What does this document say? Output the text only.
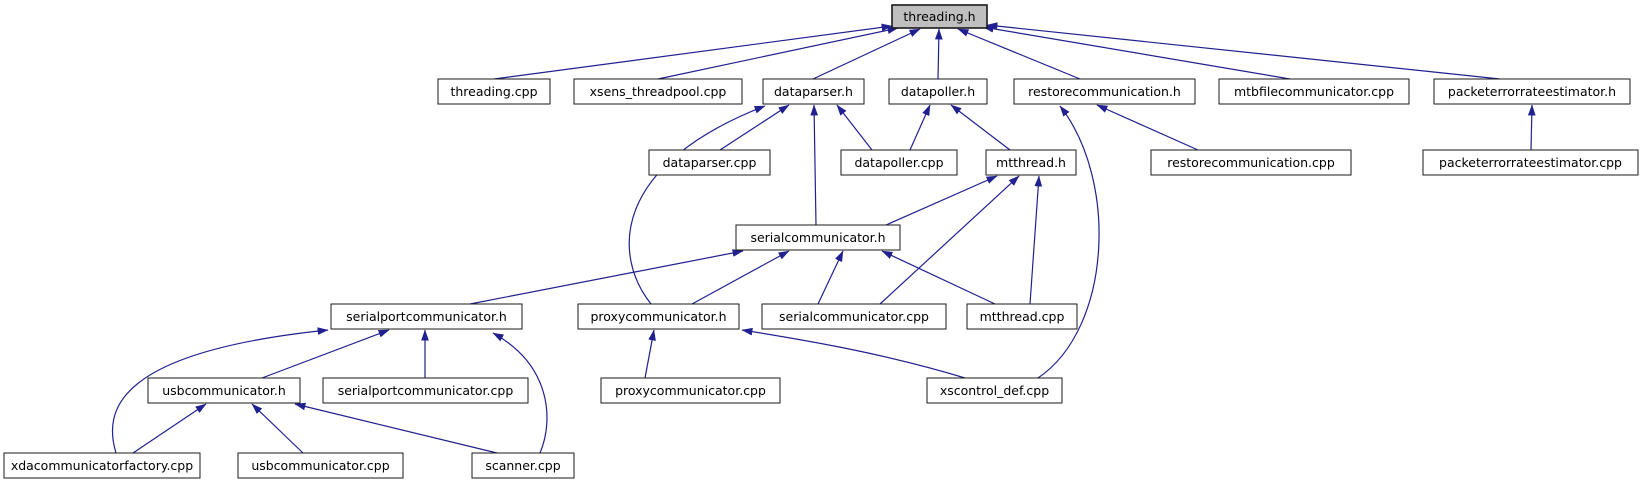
threading.h
threading.cpp	xsens_threadpool.cpp	dataparser.h	datapoller.h	restorecommunication.h	mtbfilecommunicator.cpp	packeterrorrateestimator.h
dataparser.cpp	datapoller.cpp	mtthread.h	restorecommunication.cpp	packeterrorrateestimator.cpp
serialcommunicator.h
serialportcommunicator.h	proxycommunicator.h	serialcommunicator.cpp	mtthread.cpp
usbcommunicator.h	serialportcommunicator.cpp	proxycommunicator.cpp	xscontrol_def.cpp
xdacommunicatorfactory.cpp	usbcommunicator.cpp	scanner.cpp
